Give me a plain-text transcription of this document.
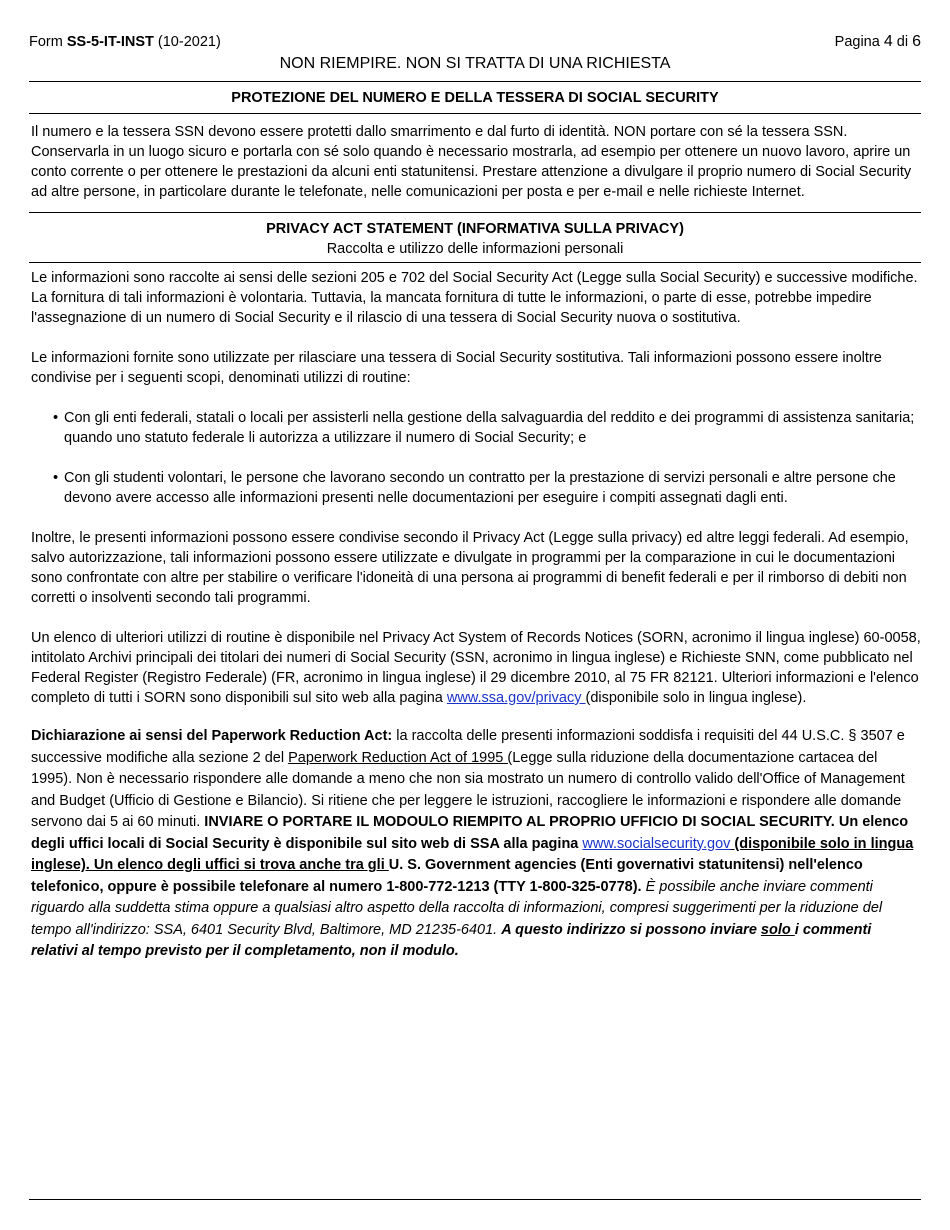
Form SS-5-IT-INST (10-2021)	Pagina 4 di 6
NON RIEMPIRE. NON SI TRATTA DI UNA RICHIESTA
PROTEZIONE DEL NUMERO E DELLA TESSERA DI SOCIAL SECURITY

Il numero e la tessera SSN devono essere protetti dallo smarrimento e dal furto di identità. NON portare con sé la tessera SSN. Conservarla in un luogo sicuro e portarla con sé solo quando è necessario mostrarla, ad esempio per ottenere un nuovo lavoro, aprire un conto corrente o per ottenere le prestazioni da alcuni enti statunitensi. Prestare attenzione a divulgare il proprio numero di Social Security ad altre persone, in particolare durante le telefonate, nelle comunicazioni per posta e per e-mail e nelle richieste Internet.

PRIVACY ACT STATEMENT (INFORMATIVA SULLA PRIVACY)

Raccolta e utilizzo delle informazioni personali

Le informazioni sono raccolte ai sensi delle sezioni 205 e 702 del Social Security Act (Legge sulla Social Security) e successive modifiche. La fornitura di tali informazioni è volontaria. Tuttavia, la mancata fornitura di tutte le informazioni, o parte di esse, potrebbe impedire l'assegnazione di un numero di Social Security e il rilascio di una tessera di Social Security nuova o sostitutiva.

Le informazioni fornite sono utilizzate per rilasciare una tessera di Social Security sostitutiva. Tali informazioni possono essere inoltre condivise per i seguenti scopi, denominati utilizzi di routine:

• Con gli enti federali, statali o locali per assisterli nella gestione della salvaguardia del reddito e dei programmi di assistenza sanitaria; quando uno statuto federale li autorizza a utilizzare il numero di Social Security; e
• Con gli studenti volontari, le persone che lavorano secondo un contratto per la prestazione di servizi personali e altre persone che devono avere accesso alle informazioni presenti nelle documentazioni per eseguire i compiti assegnati dagli enti.

Inoltre, le presenti informazioni possono essere condivise secondo il Privacy Act (Legge sulla privacy) ed altre leggi federali. Ad esempio, salvo autorizzazione, tali informazioni possono essere utilizzate e divulgate in programmi per la comparazione in cui le documentazioni sono confrontate con altre per stabilire o verificare l'idoneità di una persona ai programmi di benefit federali e per il rimborso di debiti non corretti o insolventi secondo tali programmi.

Un elenco di ulteriori utilizzi di routine è disponibile nel Privacy Act System of Records Notices (SORN, acronimo il lingua inglese) 60-0058, intitolato Archivi principali dei titolari dei numeri di Social Security (SSN, acronimo in lingua inglese) e Richieste SNN, come pubblicato nel Federal Register (Registro Federale) (FR, acronimo in lingua inglese) il 29 dicembre 2010, al 75 FR 82121. Ulteriori informazioni e l'elenco completo di tutti i SORN sono disponibili sul sito web alla pagina www.ssa.gov/privacy (disponibile solo in lingua inglese).

Dichiarazione ai sensi del Paperwork Reduction Act: la raccolta delle presenti informazioni soddisfa i requisiti del 44 U.S.C. § 3507 e successive modifiche alla sezione 2 del Paperwork Reduction Act of 1995 (Legge sulla riduzione della documentazione cartacea del 1995). Non è necessario rispondere alle domande a meno che non sia mostrato un numero di controllo valido dell'Office of Management and Budget (Ufficio di Gestione e Bilancio). Si ritiene che per leggere le istruzioni, raccogliere le informazioni e rispondere alle domande servono dai 5 ai 60 minuti. INVIARE O PORTARE IL MODOULO RIEMPITO AL PROPRIO UFFICIO DI SOCIAL SECURITY. Un elenco degli uffici locali di Social Security è disponibile sul sito web di SSA alla pagina www.socialsecurity.gov (disponibile solo in lingua inglese). Un elenco degli uffici si trova anche tra gli U. S. Government agencies (Enti governativi statunitensi) nell'elenco telefonico, oppure è possibile telefonare al numero 1-800-772-1213 (TTY 1-800-325-0778). È possibile anche inviare commenti riguardo alla suddetta stima oppure a qualsiasi altro aspetto della raccolta di informazioni, compresi suggerimenti per la riduzione del tempo all'indirizzo: SSA, 6401 Security Blvd, Baltimore, MD 21235-6401. A questo indirizzo si possono inviare solo i commenti relativi al tempo previsto per il completamento, non il modulo.
